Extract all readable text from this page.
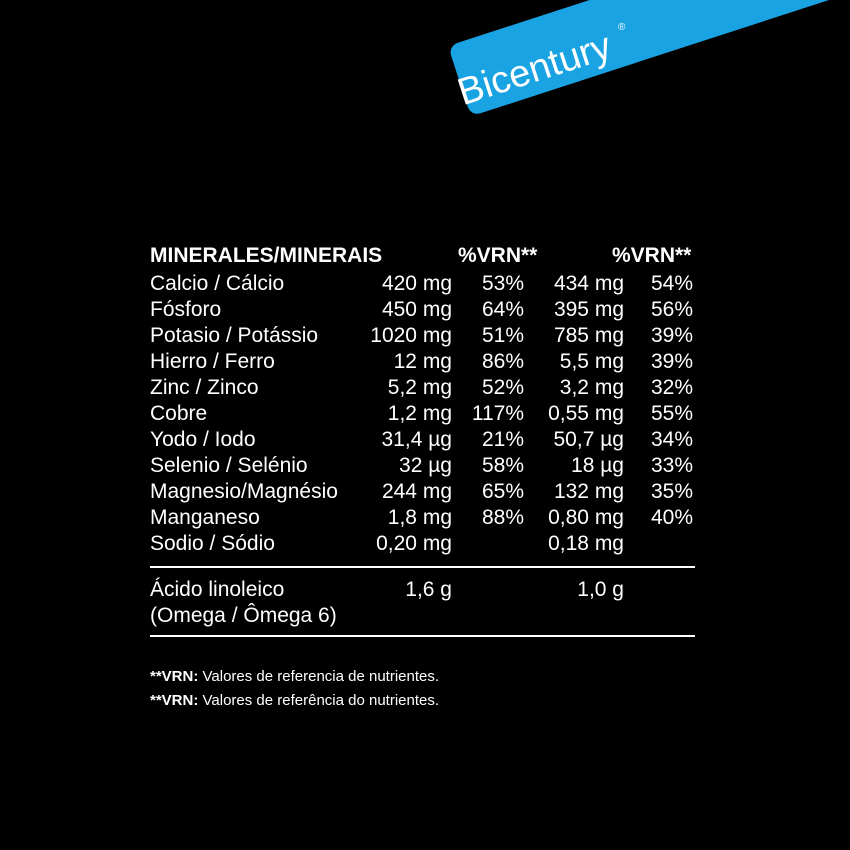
Bicentury ®
MINERALES/MINERAIS	%VRN**	%VRN**
Calcio / Cálcio	420 mg 53% 434 mg 54%
Fósforo	450 mg 64% 395 mg 56%
Potasio / Potássio 1020 mg 51% 785 mg 39%
Hierro / Ferro	12 mg 86% 5,5 mg 39%
Zinc / Zinco	5,2 mg 52% 3,2 mg 32%
Cobre	1,2 mg 117% 0,55 mg 55%
Yodo / Iodo	31,4 µg 21% 50,7 µg 34%
Selenio / Selénio	32 µg 58% 18 µg 33%
Magnesio/Magnésio 244 mg 65% 132 mg 35%
Manganeso	1,8 mg 88% 0,80 mg 40%
Sodio / Sódio	0,20 mg	0,18 mg
Ácido linoleico	1,6 g	1,0 g
(Omega / Ômega 6)
**VRN: Valores de referencia de nutrientes.
**VRN: Valores de referência do nutrientes.
